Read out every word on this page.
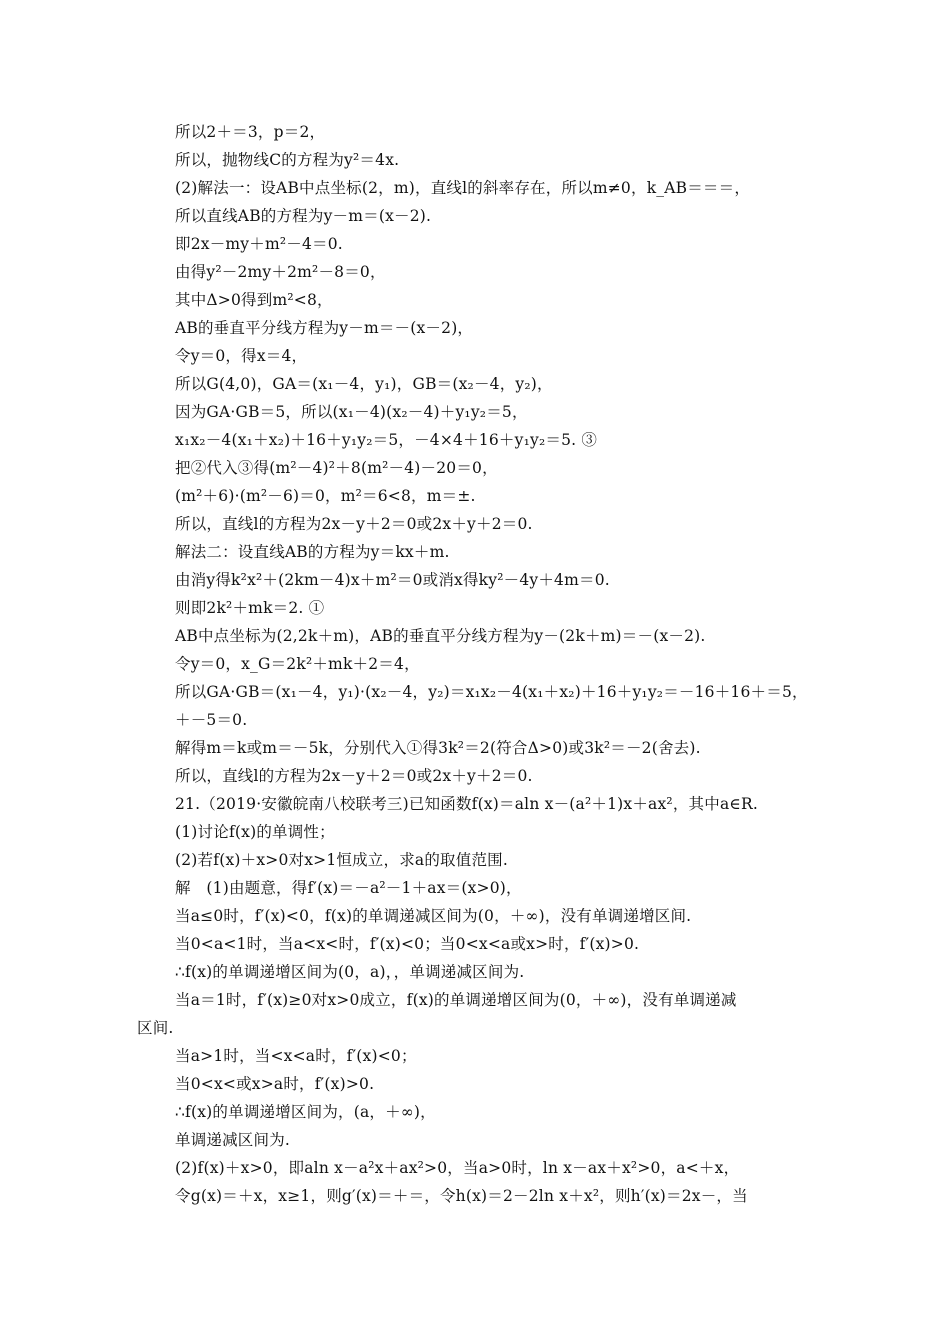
所以2＋＝3，p＝2，
所以，抛物线C的方程为y²＝4x.
(2)解法一：设AB中点坐标(2，m)，直线l的斜率存在，所以m≠0，k_AB＝＝＝，
所以直线AB的方程为y－m＝(x－2).
即2x－my＋m²－4＝0.
由得y²－2my＋2m²－8＝0，
其中Δ>0得到m²<8，
AB的垂直平分线方程为y－m＝－(x－2)，
令y＝0，得x＝4，
所以G(4,0)，GA＝(x₁－4，y₁)，GB＝(x₂－4，y₂)，
因为GA·GB＝5，所以(x₁－4)(x₂－4)＋y₁y₂＝5，
x₁x₂－4(x₁＋x₂)＋16＋y₁y₂＝5，－4×4＋16＋y₁y₂＝5. ③
把②代入③得(m²－4)²＋8(m²－4)－20＝0，
(m²＋6)·(m²－6)＝0，m²＝6<8，m＝±.
所以，直线l的方程为2x－y＋2＝0或2x＋y＋2＝0.
解法二：设直线AB的方程为y＝kx＋m.
由消y得k²x²＋(2km－4)x＋m²＝0或消x得ky²－4y＋4m＝0.
则即2k²＋mk＝2. ①
AB中点坐标为(2,2k＋m)，AB的垂直平分线方程为y－(2k＋m)＝－(x－2).
令y＝0，x_G＝2k²＋mk＋2＝4，
所以GA·GB＝(x₁－4，y₁)·(x₂－4，y₂)＝x₁x₂－4(x₁＋x₂)＋16＋y₁y₂＝－16＋16＋＝5，
＋－5＝0.
解得m＝k或m＝－5k，分别代入①得3k²＝2(符合Δ>0)或3k²＝－2(舍去).
所以，直线l的方程为2x－y＋2＝0或2x＋y＋2＝0.
21.（2019·安徽皖南八校联考三)已知函数f(x)＝aln x－(a²＋1)x＋ax²，其中a∈R.
(1)讨论f(x)的单调性；
(2)若f(x)＋x>0对x>1恒成立，求a的取值范围.
解　(1)由题意，得f′(x)＝－a²－1＋ax＝(x>0)，
当a≤0时，f′(x)<0，f(x)的单调递减区间为(0，＋∞)，没有单调递增区间.
当0<a<1时，当a<x<时，f′(x)<0；当0<x<a或x>时，f′(x)>0.
∴f(x)的单调递增区间为(0，a)，，单调递减区间为.
当a＝1时，f′(x)≥0对x>0成立，f(x)的单调递增区间为(0，＋∞)，没有单调递减
区间.
当a>1时，当<x<a时，f′(x)<0；
当0<x<或x>a时，f′(x)>0.
∴f(x)的单调递增区间为，(a，＋∞)，
单调递减区间为.
(2)f(x)＋x>0，即aln x－a²x＋ax²>0，当a>0时，ln x－ax＋x²>0，a<＋x，
令g(x)＝＋x，x≥1，则g′(x)＝＋＝，令h(x)＝2－2ln x＋x²，则h′(x)＝2x－，当
